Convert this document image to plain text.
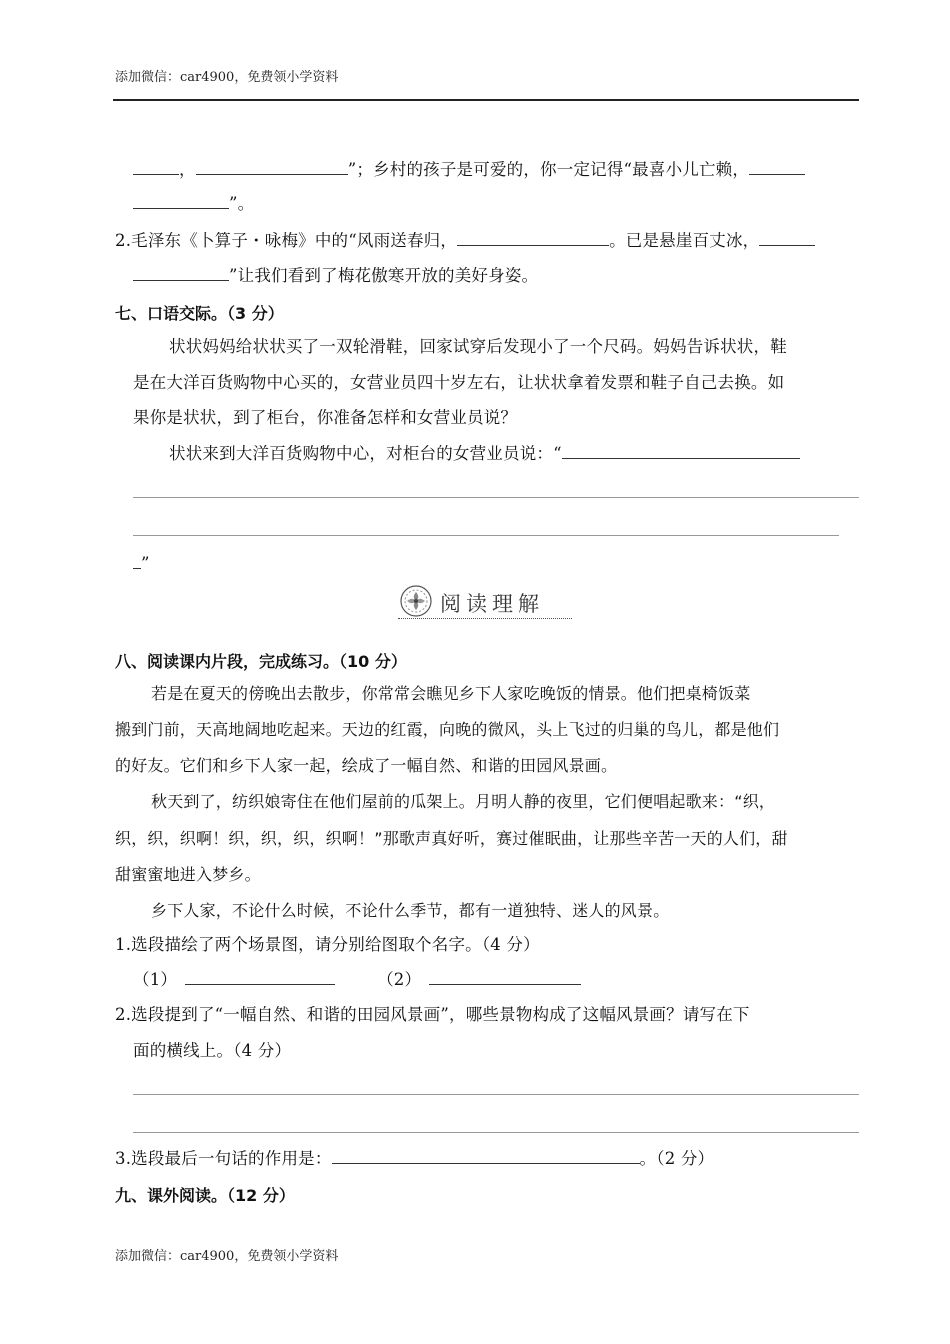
添加微信：car4900，免费领小学资料
，	”；乡村的孩子是可爱的，你一定记得“最喜小儿亡赖，
”。
2.毛泽东《卜算子・咏梅》中的“风雨送春归，	。已是悬崖百丈冰，
”让我们看到了梅花傲寒开放的美好身姿。
七、口语交际。（3 分）
状状妈妈给状状买了一双轮滑鞋，回家试穿后发现小了一个尺码。妈妈告诉状状，鞋
是在大洋百货购物中心买的，女营业员四十岁左右，让状状拿着发票和鞋子自己去换。如
果你是状状，到了柜台，你准备怎样和女营业员说？
状状来到大洋百货购物中心，对柜台的女营业员说：“
”
阅读理解
八、阅读课内片段，完成练习。（10 分）
若是在夏天的傍晚出去散步，你常常会瞧见乡下人家吃晚饭的情景。他们把桌椅饭菜
搬到门前，天高地阔地吃起来。天边的红霞，向晚的微风，头上飞过的归巢的鸟儿，都是他们
的好友。它们和乡下人家一起，绘成了一幅自然、和谐的田园风景画。
秋天到了，纺织娘寄住在他们屋前的瓜架上。月明人静的夜里，它们便唱起歌来：“织，
织，织，织啊！织，织，织，织啊！”那歌声真好听，赛过催眠曲，让那些辛苦一天的人们，甜
甜蜜蜜地进入梦乡。
乡下人家，不论什么时候，不论什么季节，都有一道独特、迷人的风景。
1.选段描绘了两个场景图，请分别给图取个名字。（4 分）
（1）	（2）
2.选段提到了“一幅自然、和谐的田园风景画”，哪些景物构成了这幅风景画？请写在下
面的横线上。（4 分）
3.选段最后一句话的作用是：	。（2 分）
九、课外阅读。（12 分）
添加微信：car4900，免费领小学资料
